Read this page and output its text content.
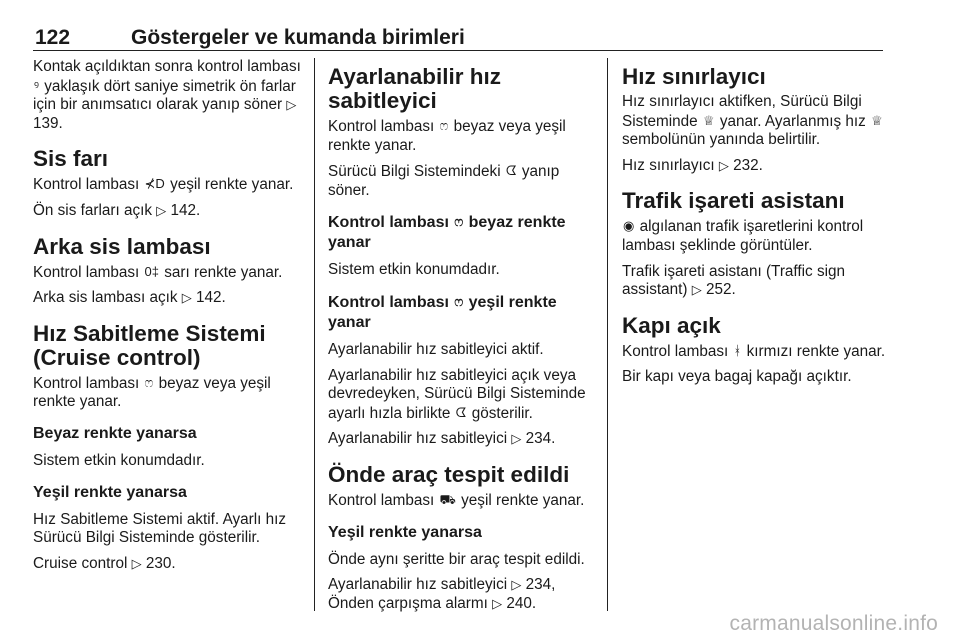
122	Göstergeler ve kumanda birimleri

Kontak açıldıktan sonra kontrol lambası ꝰ yaklaşık dört saniye simetrik ön farlar için bir anımsatıcı olarak yanıp söner ▷ 139.

Sis farı

Kontrol lambası ⊀D yeşil renkte yanar.

Ön sis farları açık ▷ 142.

Arka sis lambası

Kontrol lambası 0‡ sarı renkte yanar.

Arka sis lambası açık ▷ 142.

Hız Sabitleme Sistemi (Cruise control)

Kontrol lambası ෆ beyaz veya yeşil renkte yanar.

Beyaz renkte yanarsa

Sistem etkin konumdadır.

Yeşil renkte yanarsa

Hız Sabitleme Sistemi aktif. Ayarlı hız Sürücü Bilgi Sisteminde gösterilir.

Cruise control ▷ 230.

Ayarlanabilir hız sabitleyici

Kontrol lambası ෆ beyaz veya yeşil renkte yanar.

Sürücü Bilgi Sistemindeki ᗧ yanıp söner.

Kontrol lambası ෆ beyaz renkte yanar

Sistem etkin konumdadır.

Kontrol lambası ෆ yeşil renkte yanar

Ayarlanabilir hız sabitleyici aktif.

Ayarlanabilir hız sabitleyici açık veya devredeyken, Sürücü Bilgi Sisteminde ayarlı hızla birlikte ᗧ gösterilir.

Ayarlanabilir hız sabitleyici ▷ 234.

Önde araç tespit edildi

Kontrol lambası ⛟ yeşil renkte yanar.

Yeşil renkte yanarsa

Önde aynı şeritte bir araç tespit edildi.

Ayarlanabilir hız sabitleyici ▷ 234,
Önden çarpışma alarmı ▷ 240.

Hız sınırlayıcı

Hız sınırlayıcı aktifken, Sürücü Bilgi Sisteminde ♕ yanar. Ayarlanmış hız ♕ sembolünün yanında belirtilir.

Hız sınırlayıcı ▷ 232.

Trafik işareti asistanı

◉ algılanan trafik işaretlerini kontrol lambası şeklinde görüntüler.

Trafik işareti asistanı (Traffic sign assistant) ▷ 252.

Kapı açık

Kontrol lambası ᚼ kırmızı renkte yanar.

Bir kapı veya bagaj kapağı açıktır.

carmanualsonline.info
